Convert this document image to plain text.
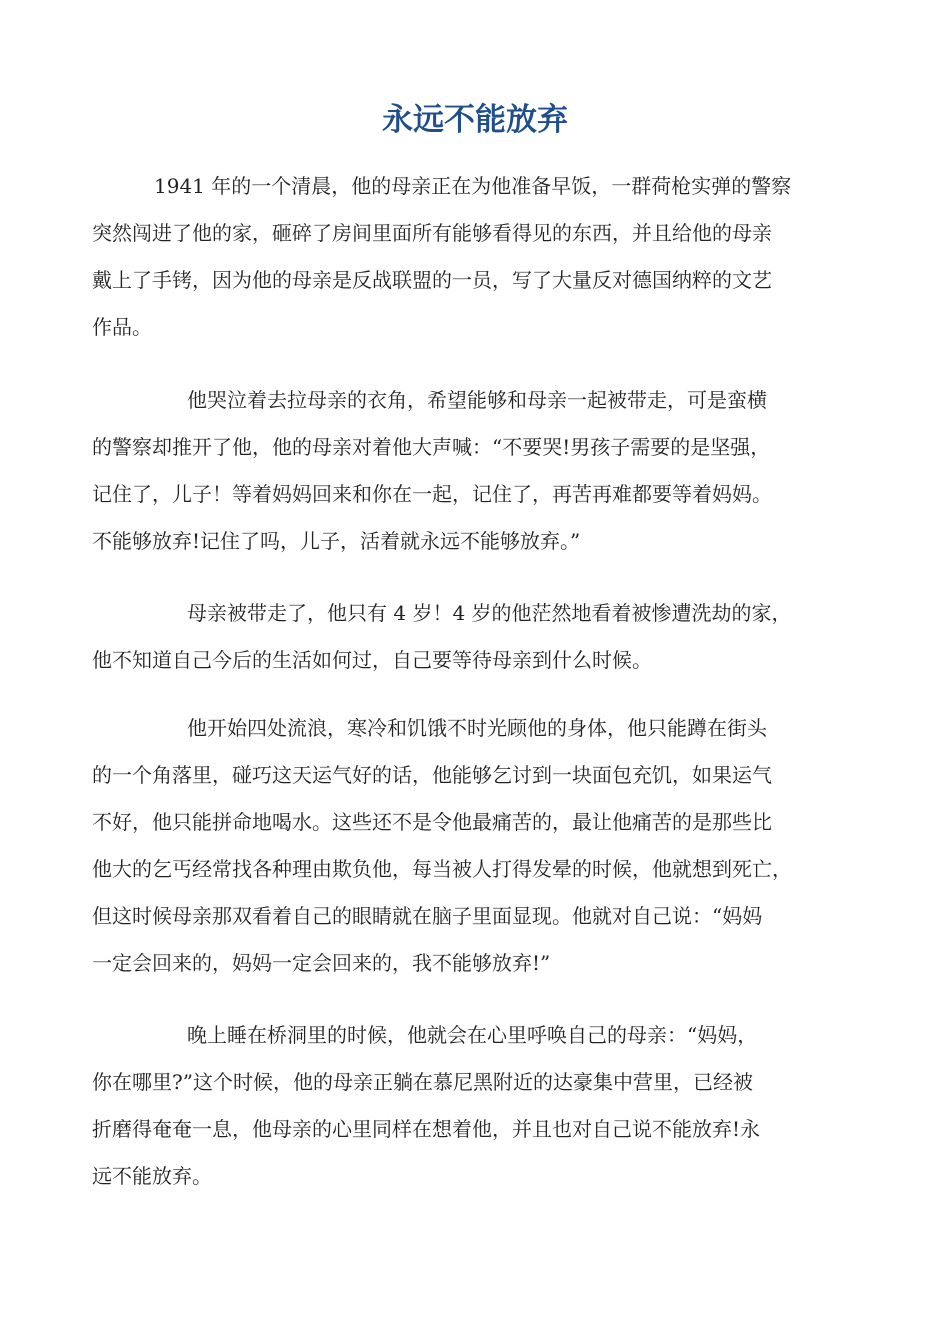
永远不能放弃
1941 年的一个清晨，他的母亲正在为他准备早饭，一群荷枪实弹的警察
突然闯进了他的家，砸碎了房间里面所有能够看得见的东西，并且给他的母亲
戴上了手铐，因为他的母亲是反战联盟的一员，写了大量反对德国纳粹的文艺
作品。
他哭泣着去拉母亲的衣角，希望能够和母亲一起被带走，可是蛮横
的警察却推开了他，他的母亲对着他大声喊：“不要哭!男孩子需要的是坚强，
记住了，儿子！等着妈妈回来和你在一起，记住了，再苦再难都要等着妈妈。
不能够放弃!记住了吗，儿子，活着就永远不能够放弃。”
母亲被带走了，他只有 4 岁！4 岁的他茫然地看着被惨遭洗劫的家，
他不知道自己今后的生活如何过，自己要等待母亲到什么时候。
他开始四处流浪，寒冷和饥饿不时光顾他的身体，他只能蹲在街头
的一个角落里，碰巧这天运气好的话，他能够乞讨到一块面包充饥，如果运气
不好，他只能拼命地喝水。这些还不是令他最痛苦的，最让他痛苦的是那些比
他大的乞丐经常找各种理由欺负他，每当被人打得发晕的时候，他就想到死亡，
但这时候母亲那双看着自己的眼睛就在脑子里面显现。他就对自己说：“妈妈
一定会回来的，妈妈一定会回来的，我不能够放弃!”
晚上睡在桥洞里的时候，他就会在心里呼唤自己的母亲：“妈妈，
你在哪里?”这个时候，他的母亲正躺在慕尼黑附近的达豪集中营里，已经被
折磨得奄奄一息，他母亲的心里同样在想着他，并且也对自己说不能放弃!永
远不能放弃。
